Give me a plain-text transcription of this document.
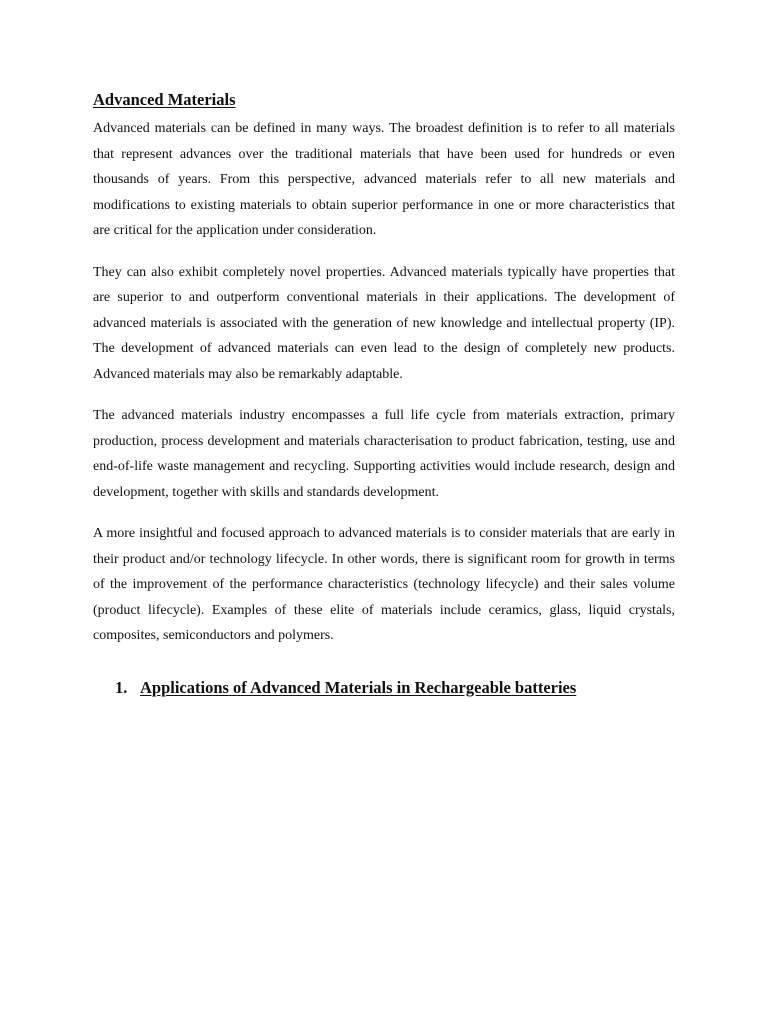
Advanced Materials

Advanced materials can be defined in many ways. The broadest definition is to refer to all materials that represent advances over the traditional materials that have been used for hundreds or even thousands of years. From this perspective, advanced materials refer to all new materials and modifications to existing materials to obtain superior performance in one or more characteristics that are critical for the application under consideration.

They can also exhibit completely novel properties. Advanced materials typically have properties that are superior to and outperform conventional materials in their applications. The development of advanced materials is associated with the generation of new knowledge and intellectual property (IP). The development of advanced materials can even lead to the design of completely new products. Advanced materials may also be remarkably adaptable.

The advanced materials industry encompasses a full life cycle from materials extraction, primary production, process development and materials characterisation to product fabrication, testing, use and end-of-life waste management and recycling. Supporting activities would include research, design and development, together with skills and standards development.

A more insightful and focused approach to advanced materials is to consider materials that are early in their product and/or technology lifecycle. In other words, there is significant room for growth in terms of the improvement of the performance characteristics (technology lifecycle) and their sales volume (product lifecycle). Examples of these elite of materials include ceramics, glass, liquid crystals, composites, semiconductors and polymers.

1. Applications of Advanced Materials in Rechargeable batteries
